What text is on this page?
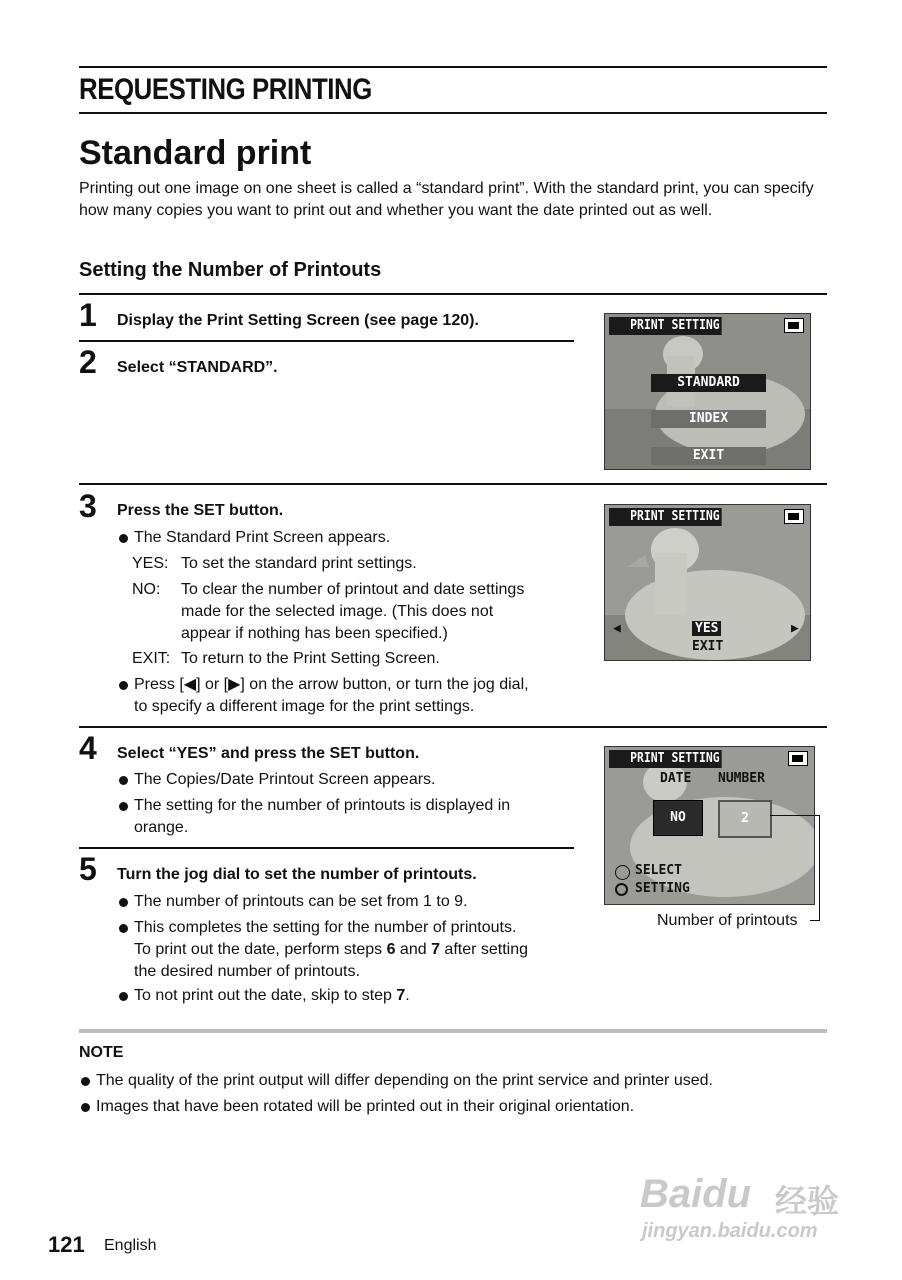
REQUESTING PRINTING
Standard print
Printing out one image on one sheet is called a “standard print”. With the standard print, you can specify how many copies you want to print out and whether you want the date printed out as well.
Setting the Number of Printouts
1 Display the Print Setting Screen (see page 120).
2 Select “STANDARD”.
PRINT SETTING
STANDARD
INDEX
EXIT
3 Press the SET button.
The Standard Print Screen appears.
YES: To set the standard print settings.
NO: To clear the number of printout and date settings
made for the selected image. (This does not
appear if nothing has been specified.)
EXIT: To return to the Print Setting Screen.
Press [◀] or [▶] on the arrow button, or turn the jog dial,
to specify a different image for the print settings.
PRINT SETTING
◀	▶
YES
EXIT
4 Select “YES” and press the SET button.
The Copies/Date Printout Screen appears.
The setting for the number of printouts is displayed in
orange.
5 Turn the jog dial to set the number of printouts.
The number of printouts can be set from 1 to 9.
This completes the setting for the number of printouts.
To print out the date, perform steps 6 and 7 after setting
the desired number of printouts.
To not print out the date, skip to step 7.
PRINT SETTING
DATE NUMBER
NO	2
SELECT
SETTING
Number of printouts
NOTE
The quality of the print output will differ depending on the print service and printer used.
Images that have been rotated will be printed out in their original orientation.
121 English
Baidu 经验
jingyan.baidu.com
